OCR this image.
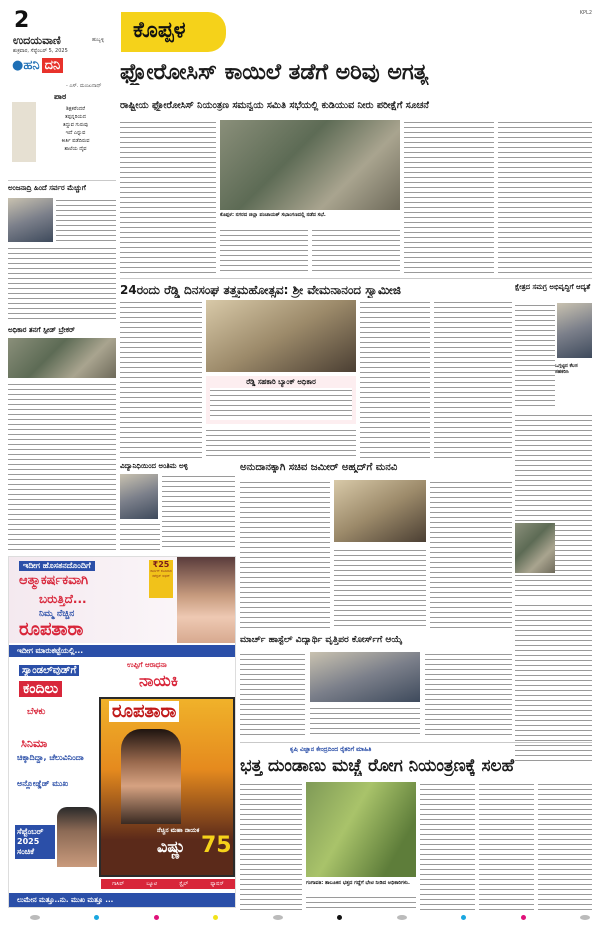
2
ಉದಯವಾಣಿ	ಹುಬ್ಬಳ್ಳಿ
ಶುಕ್ರವಾರ, ಸೆಪ್ಟೆಂಬರ್ 5, 2025
ಕೊಪ್ಪಳ
KPL2
●ಹನಿ ದನಿ
- ಎಸ್. ಮಂಜುನಾಥ್
ಪಾಠ
ಶಿಕ್ಷಕರೆಂದರೆ
ತಪ್ಪನ್ನರಿಯದ
ತಿದ್ದುವ ಗುರುವು
ಇದೆ ಎನ್ನುವ
ಕೀರ್ತಿ ಪಡೆದಿರುವ
ಶಾಲೆಯ ದೈವ
ಅಂಜನಾದ್ರಿ ಹಿಂದೆ ಸರ್ವರ ಮೆಚ್ಚುಗೆ
ಅಧಿಕಾರ ತನಗೆ ಸ್ಪೀಡ್ ಬ್ರೇಕರ್
ಫ್ಲೋರೋಸಿಸ್ ಕಾಯಿಲೆ ತಡೆಗೆ ಅರಿವು ಅಗತ್ಯ
ರಾಷ್ಟ್ರೀಯ ಫ್ಲೋರೋಸಿಸ್ ನಿಯಂತ್ರಣ ಸಮನ್ವಯ ಸಮಿತಿ ಸಭೆಯಲ್ಲಿ ಕುಡಿಯುವ ನೀರು ಪರೀಕ್ಷೆಗೆ ಸೂಚನೆ
ಕೊಪ್ಪಳ: ನಗರದ ಜಿಲ್ಲಾ ಪಂಚಾಯತ್ ಸಭಾಂಗಣದಲ್ಲಿ ನಡೆದ ಸಭೆ.
24ರಂದು ರೆಡ್ಡಿ ದಿನಸಂಘ ತತ್ತ್ವಮಹೋತ್ಸವ: ಶ್ರೀ ವೇಮನಾನಂದ ಸ್ವಾಮೀಜಿ
ರೆಡ್ಡಿ ಸಹಕಾರಿ ಬ್ಯಾಂಕ್ ಅಧಿಕಾರ
ಕ್ಷೇತ್ರದ ಸಮಗ್ರ ಅಭಿವೃದ್ಧಿಗೆ ಆದ್ಯತೆ
ಒಗ್ಗಟ್ಟಿನ ಕೆಲಸ ಸಹಕರಿಸಿ
ವಿದ್ಯಾನಿಧಿಯಿಂದ ಅಂತಿಮ ಅಳ್ಳಿ	ಅನುದಾನಕ್ಕಾಗಿ ಸಚಿವ ಜಮೀರ್ ಅಹ್ಮದ್‌ಗೆ ಮನವಿ
ಮಾರ್ಚ್ ಹಾಸ್ಟೆಲ್ ವಿದ್ಯಾರ್ಥಿ ವೃತ್ತಿಪರ ಕೋರ್ಸ್‌ಗೆ ಆಯ್ಕೆ
ಇದೀಗ ಹೊಸತನದೊಂದಿಗೆ
ಆತ್ಮಾಕರ್ಷಕವಾಗಿ
ಬರುತ್ತಿದೆ...
ನಿಮ್ಮ ನೆಚ್ಚಿನ
ರೂಪತಾರಾ
₹25
ಕಾರ್ನರ್ ಕೊಂಡಾಗ ಕಲೆಕ್ಷನ್ ಆಫರ್
ಇದೀಗ ಮಾರುಕಟ್ಟೆಯಲ್ಲಿ...
ಉಪ್ಪಿಗೆ ಆರಾಧನಾ
ನಾಯಕಿ
ಸ್ಯಾಂಡಲ್‌ವುಡ್‌ಗೆ
ಕಂದಿಲು
ಬೆಳಕು
ಸಿನಿಮಾ
ಚಿಕ್ಕಾದಿದ್ದಾ, ಚೆಲುವಿನಿಂದಾ
ಅನ್ಲೋಡ್ಡೆಡ್ ಮುಖ
ರೂಪತಾರಾ
ನೆಚ್ಚಿನ ಮಹಾ ನಾಯಕ
ವಿಷ್ಣು 75
ಸೆಪ್ಟೆಂಬರ್ 2025 ಸಂಚಿಕೆ
ಗಾಸಿಪ್	ಬ್ಯೂಟಿ	ಸ್ಟೈಲ್	ಫ್ಯಾಷನ್
ಲುಮೇನ ಮತ್ತೂ..ನು. ಮುಖ ಮತ್ತೂ ...
ಕೃಷಿ ವಿಜ್ಞಾನ ಕೇಂದ್ರದಿಂದ ರೈತರಿಗೆ ಮಾಹಿತಿ
ಭತ್ತ ದುಂಡಾಣು ಮಚ್ಚೆ ರೋಗ ನಿಯಂತ್ರಣಕ್ಕೆ ಸಲಹೆ
ಗಂಗಾವತಿ: ತಾಲೂಕಿನ ಭತ್ತದ ಗದ್ದೆಗೆ ಭೇಟಿ ನೀಡಿದ ಅಧಿಕಾರಿಗಳು.
